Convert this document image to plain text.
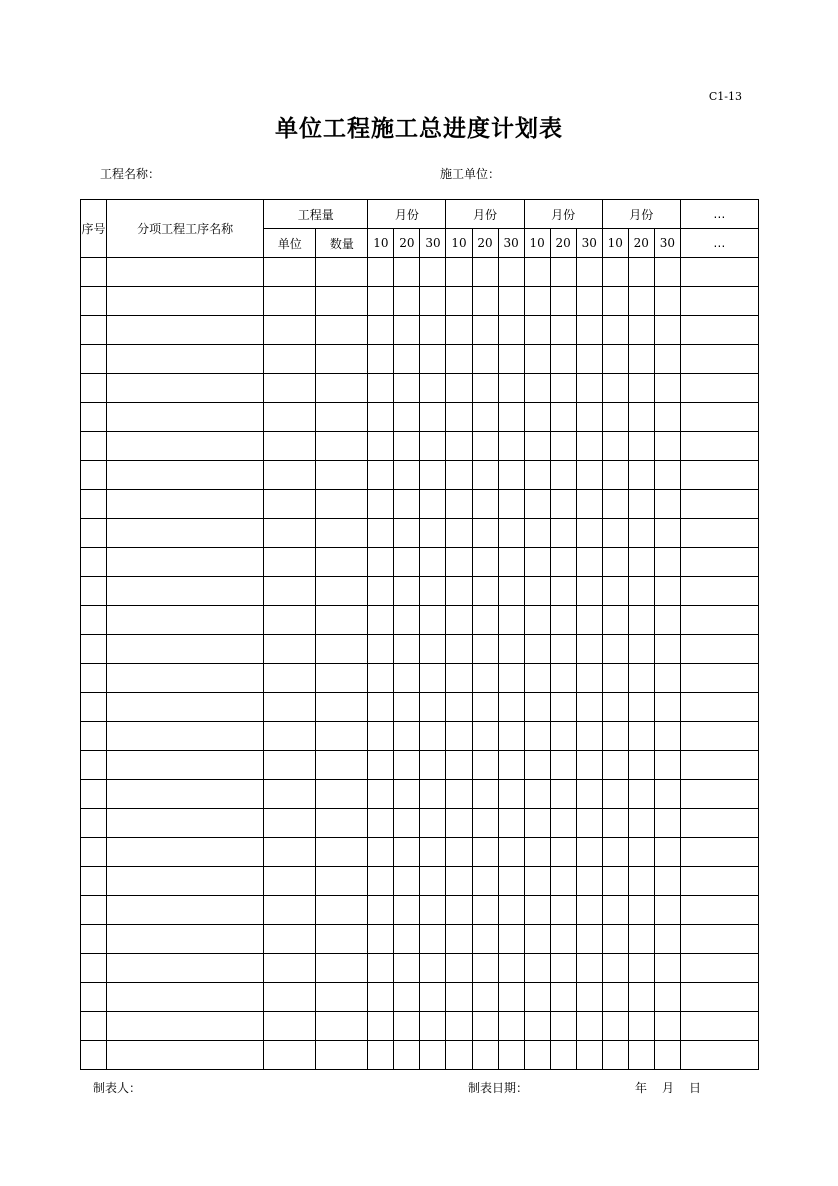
C1-13
单位工程施工总进度计划表
工程名称：	施工单位：
序号	分项工程工序名称	工程量		月份			月份			月份			月份			…
		单位	数量	10	20	30	10	20	30	10	20	30	10	20	30	…

制表人：	制表日期：	年 月 日
